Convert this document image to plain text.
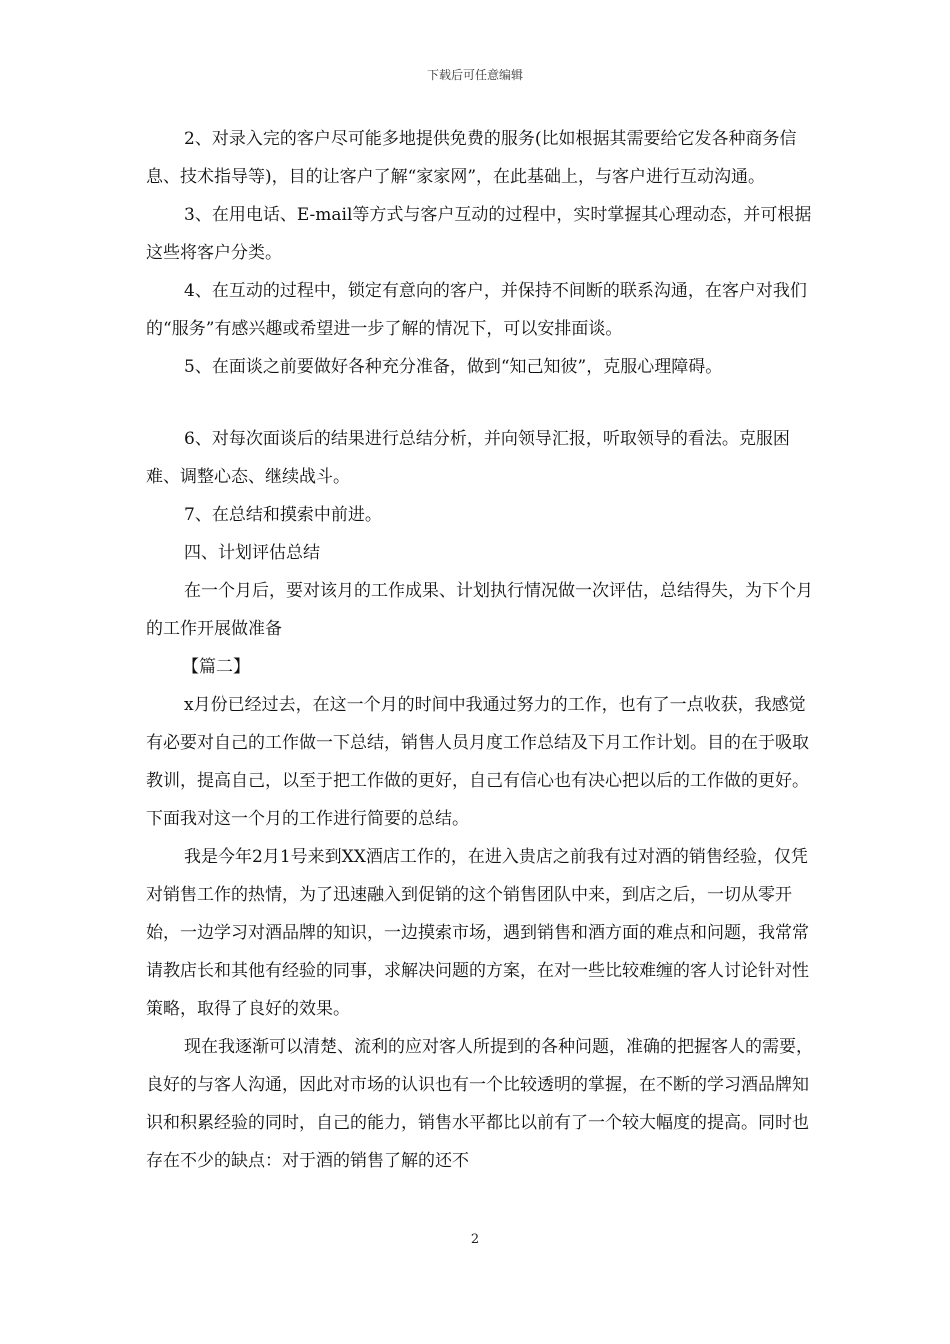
下载后可任意编辑

2、对录入完的客户尽可能多地提供免费的服务(比如根据其需要给它发各种商务信息、技术指导等)，目的让客户了解“家家网”，在此基础上，与客户进行互动沟通。

3、在用电话、E-mail等方式与客户互动的过程中，实时掌握其心理动态，并可根据这些将客户分类。

4、在互动的过程中，锁定有意向的客户，并保持不间断的联系沟通，在客户对我们的“服务”有感兴趣或希望进一步了解的情况下，可以安排面谈。

5、在面谈之前要做好各种充分准备，做到“知己知彼”，克服心理障碍。

6、对每次面谈后的结果进行总结分析，并向领导汇报，听取领导的看法。克服困难、调整心态、继续战斗。

7、在总结和摸索中前进。

四、计划评估总结

在一个月后，要对该月的工作成果、计划执行情况做一次评估，总结得失，为下个月的工作开展做准备

【篇二】

x月份已经过去，在这一个月的时间中我通过努力的工作，也有了一点收获，我感觉有必要对自己的工作做一下总结，销售人员月度工作总结及下月工作计划。目的在于吸取教训，提高自己，以至于把工作做的更好，自己有信心也有决心把以后的工作做的更好。下面我对这一个月的工作进行简要的总结。

我是今年2月1号来到XX酒店工作的，在进入贵店之前我有过对酒的销售经验，仅凭对销售工作的热情，为了迅速融入到促销的这个销售团队中来，到店之后，一切从零开始，一边学习对酒品牌的知识，一边摸索市场，遇到销售和酒方面的难点和问题，我常常请教店长和其他有经验的同事，求解决问题的方案，在对一些比较难缠的客人讨论针对性策略，取得了良好的效果。

现在我逐渐可以清楚、流利的应对客人所提到的各种问题，准确的把握客人的需要，良好的与客人沟通，因此对市场的认识也有一个比较透明的掌握，在不断的学习酒品牌知识和积累经验的同时，自己的能力，销售水平都比以前有了一个较大幅度的提高。同时也存在不少的缺点：对于酒的销售了解的还不

2
